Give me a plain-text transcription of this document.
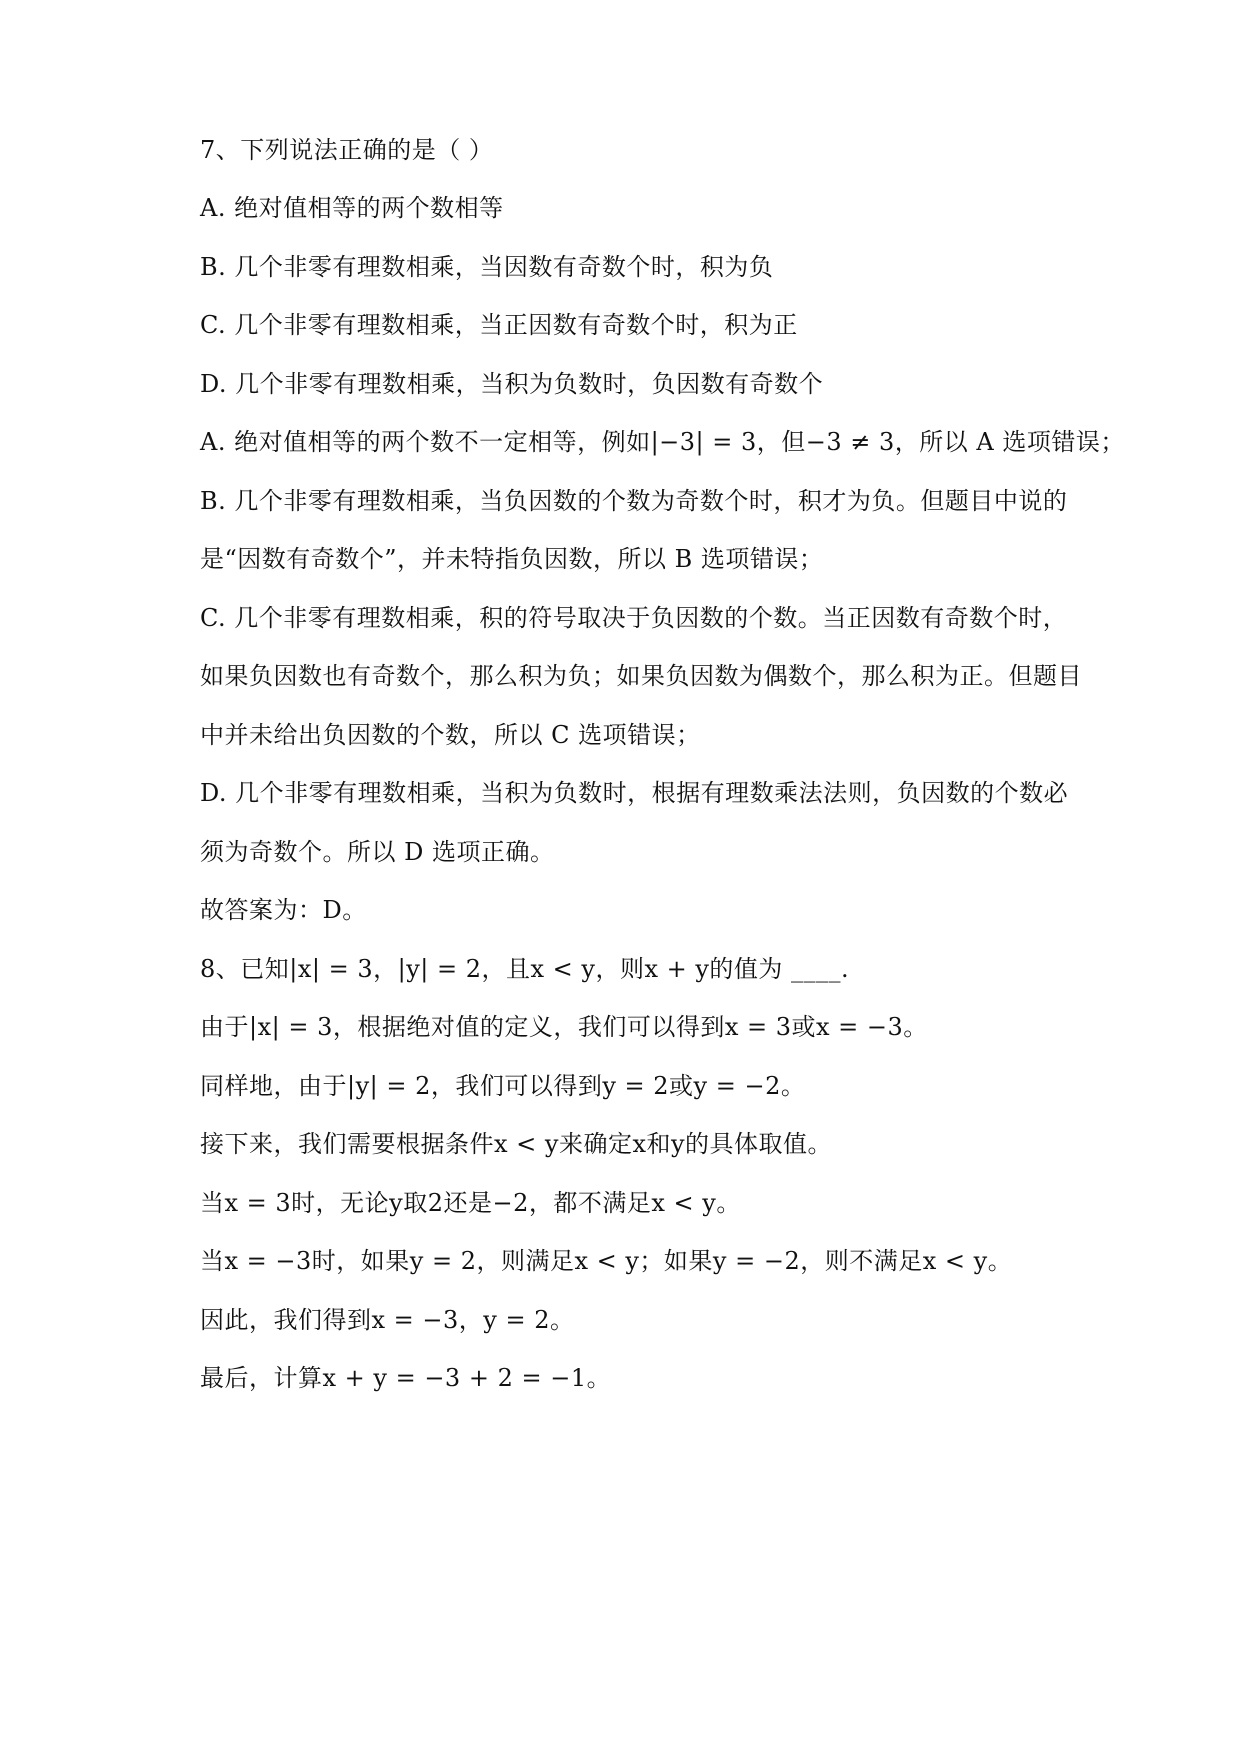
7、下列说法正确的是（ ）
A. 绝对值相等的两个数相等
B. 几个非零有理数相乘，当因数有奇数个时，积为负
C. 几个非零有理数相乘，当正因数有奇数个时，积为正
D. 几个非零有理数相乘，当积为负数时，负因数有奇数个
A. 绝对值相等的两个数不一定相等，例如|−3| = 3，但−3 ≠ 3，所以 A 选项错误；
B. 几个非零有理数相乘，当负因数的个数为奇数个时，积才为负。但题目中说的
是“因数有奇数个”，并未特指负因数，所以 B 选项错误；
C. 几个非零有理数相乘，积的符号取决于负因数的个数。当正因数有奇数个时，
如果负因数也有奇数个，那么积为负；如果负因数为偶数个，那么积为正。但题目
中并未给出负因数的个数，所以 C 选项错误；
D. 几个非零有理数相乘，当积为负数时，根据有理数乘法法则，负因数的个数必
须为奇数个。所以 D 选项正确。
故答案为：D。
8、已知|x| = 3，|y| = 2，且x < y，则x + y的值为 ____.
由于|x| = 3，根据绝对值的定义，我们可以得到x = 3或x = −3。
同样地，由于|y| = 2，我们可以得到y = 2或y = −2。
接下来，我们需要根据条件x < y来确定x和y的具体取值。
当x = 3时，无论y取2还是−2，都不满足x < y。
当x = −3时，如果y = 2，则满足x < y；如果y = −2，则不满足x < y。
因此，我们得到x = −3，y = 2。
最后，计算x + y = −3 + 2 = −1。
